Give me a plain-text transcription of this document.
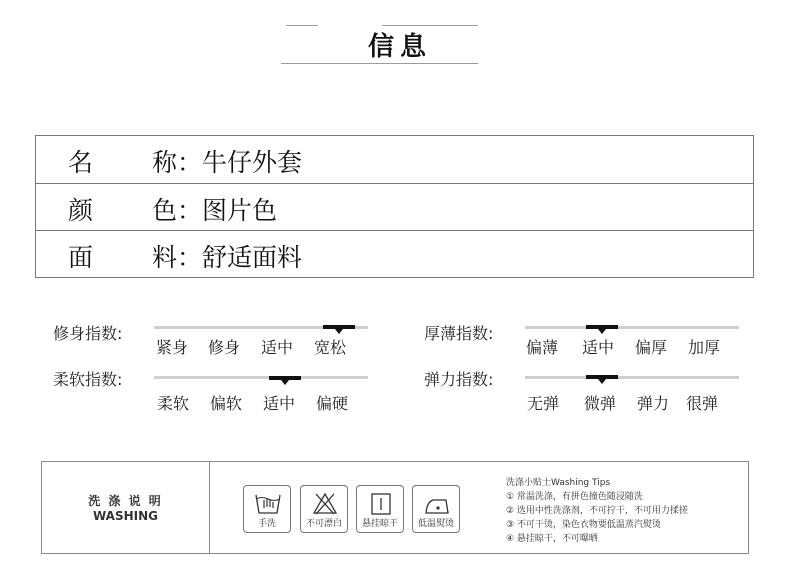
信息
名 称：牛仔外套
颜 色：图片色
面 料：舒适面料
修身指数:
紧身 修身 适中 宽松
厚薄指数:
偏薄 适中 偏厚 加厚
柔软指数:
柔软 偏软 适中 偏硬
弹力指数:
无弹 微弹 弹力 很弹
洗 涤 说 明
WASHING
手洗	不可漂白	悬挂晾干	低温熨烫
洗涤小贴士Washing Tips
① 常温洗涤，有拼色撞色随浸随洗
② 选用中性洗涤剂，不可拧干，不可用力揉搓
③ 不可干烫，染色衣物要低温蒸汽熨烫
④ 悬挂晾干，不可曝晒
